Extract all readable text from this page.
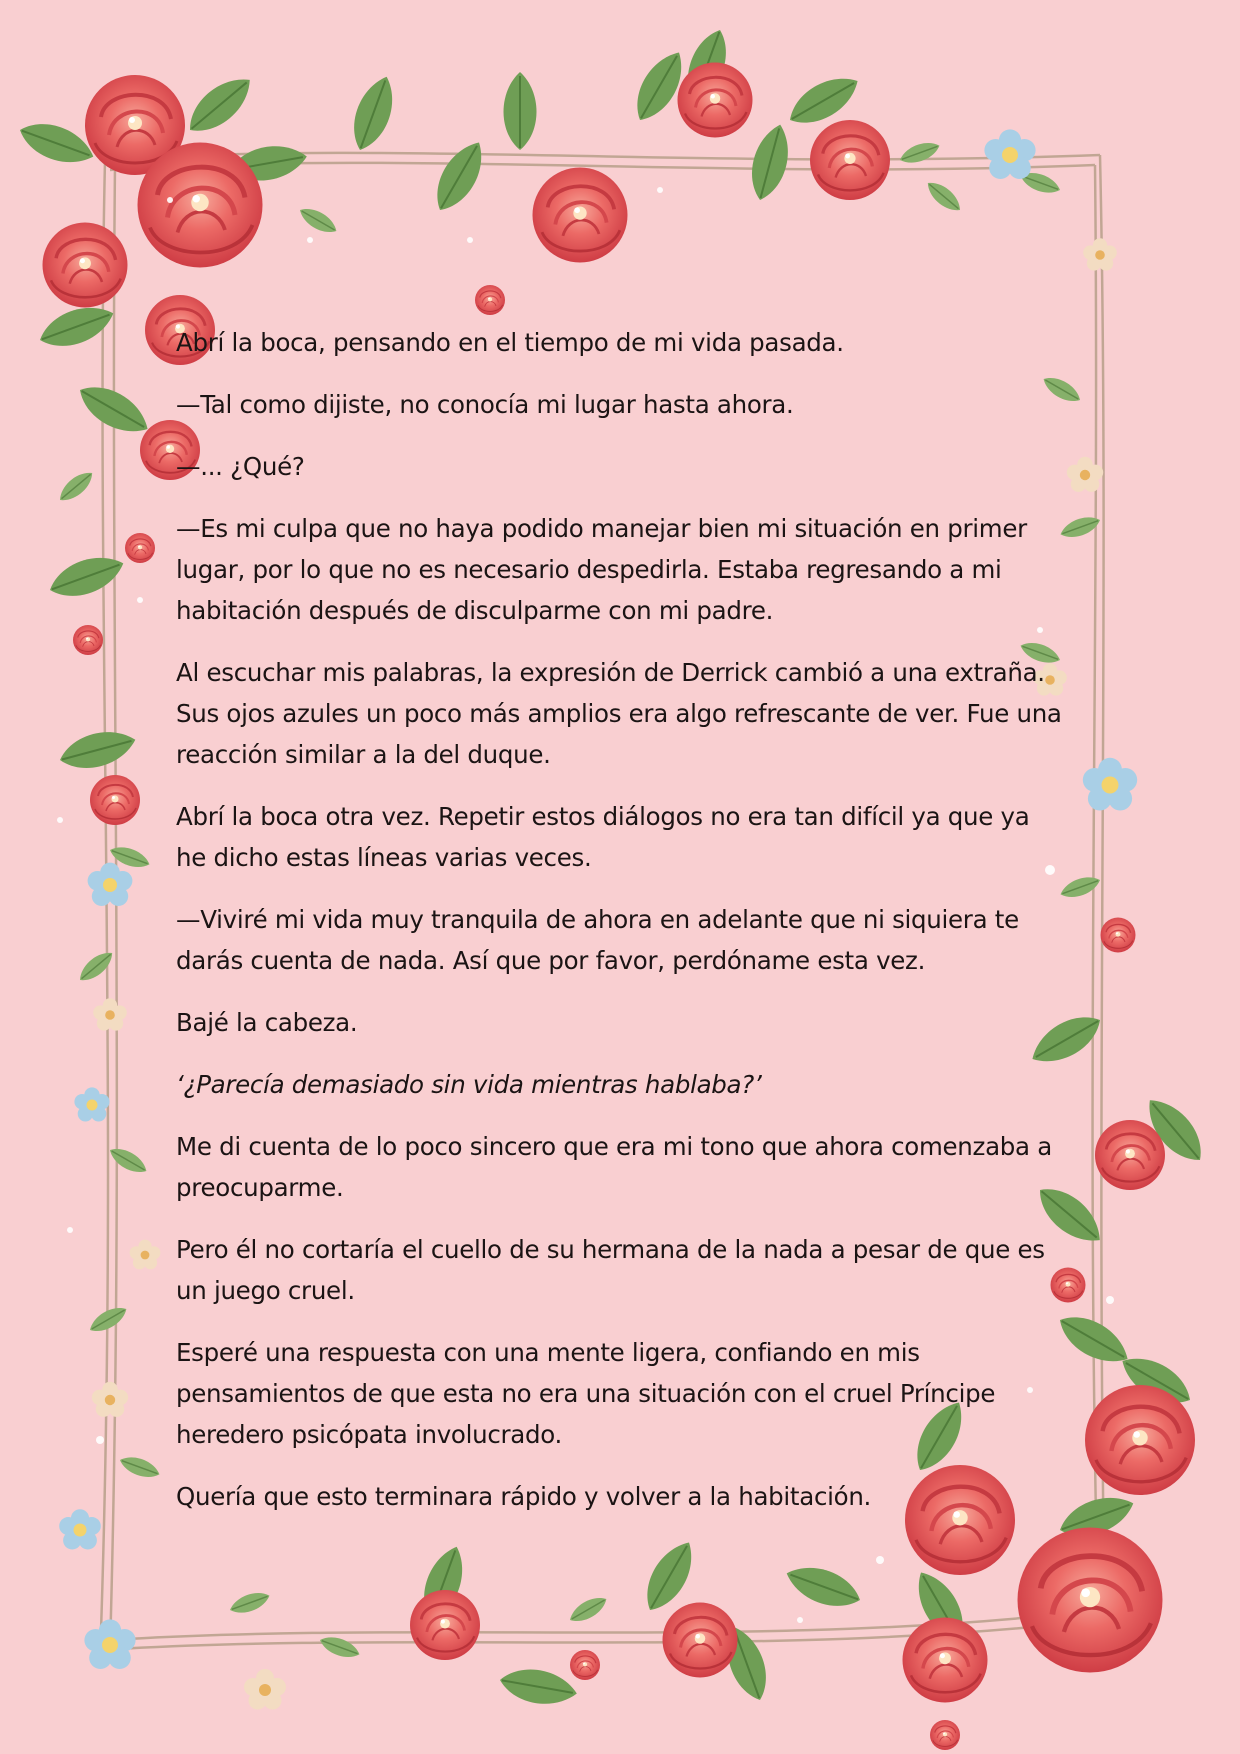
Abrí la boca, pensando en el tiempo de mi vida pasada.

—Tal como dijiste, no conocía mi lugar hasta ahora.

—... ¿Qué?

—Es mi culpa que no haya podido manejar bien mi situación en primer lugar, por lo que no es necesario despedirla. Estaba regresando a mi habitación después de disculparme con mi padre.

Al escuchar mis palabras, la expresión de Derrick cambió a una extraña. Sus ojos azules un poco más amplios era algo refrescante de ver. Fue una reacción similar a la del duque.

Abrí la boca otra vez. Repetir estos diálogos no era tan difícil ya que ya he dicho estas líneas varias veces.

—Viviré mi vida muy tranquila de ahora en adelante que ni siquiera te darás cuenta de nada. Así que por favor, perdóname esta vez.

Bajé la cabeza.

‘¿Parecía demasiado sin vida mientras hablaba?’

Me di cuenta de lo poco sincero que era mi tono que ahora comenzaba a preocuparme.

Pero él no cortaría el cuello de su hermana de la nada a pesar de que es un juego cruel.

Esperé una respuesta con una mente ligera, confiando en mis pensamientos de que esta no era una situación con el cruel Príncipe heredero psicópata involucrado.

Quería que esto terminara rápido y volver a la habitación.
